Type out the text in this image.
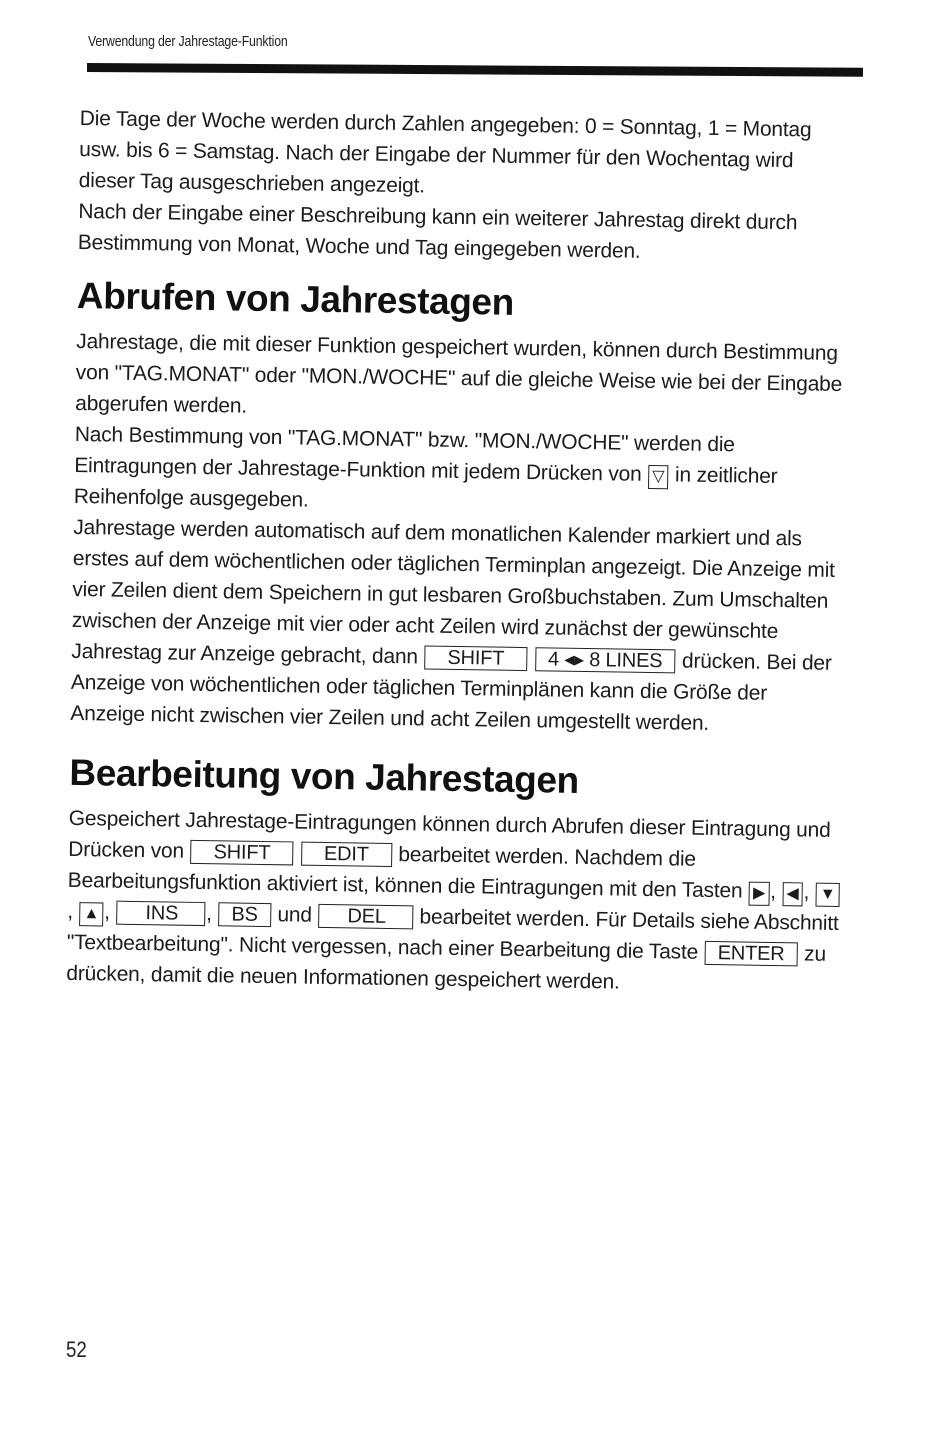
Verwendung der Jahrestage-Funktion

Die Tage der Woche werden durch Zahlen angegeben: 0 = Sonntag, 1 = Montag usw. bis 6 = Samstag. Nach der Eingabe der Nummer für den Wochentag wird dieser Tag ausgeschrieben angezeigt.

Nach der Eingabe einer Beschreibung kann ein weiterer Jahrestag direkt durch Bestimmung von Monat, Woche und Tag eingegeben werden.

Abrufen von Jahrestagen

Jahrestage, die mit dieser Funktion gespeichert wurden, können durch Bestimmung von "TAG.MONAT" oder "MON./WOCHE" auf die gleiche Weise wie bei der Eingabe abgerufen werden.

Nach Bestimmung von "TAG.MONAT" bzw. "MON./WOCHE" werden die Eintragungen der Jahrestage-Funktion mit jedem Drücken von ▽ in zeitlicher Reihenfolge ausgegeben.

Jahrestage werden automatisch auf dem monatlichen Kalender markiert und als erstes auf dem wöchentlichen oder täglichen Terminplan angezeigt. Die Anzeige mit vier Zeilen dient dem Speichern in gut lesbaren Großbuchstaben. Zum Umschalten zwischen der Anzeige mit vier oder acht Zeilen wird zunächst der gewünschte Jahrestag zur Anzeige gebracht, dann SHIFT 4 ◂▸ 8 LINES drücken. Bei der Anzeige von wöchentlichen oder täglichen Terminplänen kann die Größe der Anzeige nicht zwischen vier Zeilen und acht Zeilen umgestellt werden.

Bearbeitung von Jahrestagen

Gespeichert Jahrestage-Eintragungen können durch Abrufen dieser Eintragung und Drücken von SHIFT	EDIT bearbeitet werden. Nachdem die Bearbeitungsfunktion aktiviert ist, können die Eintragungen mit den Tasten ▶ , ◀ , ▼, ▲ , INS , BS und DEL bearbeitet werden. Für Details siehe Abschnitt "Textbearbeitung". Nicht vergessen, nach einer Bearbeitung die Taste ENTER zu drücken, damit die neuen Informationen gespeichert werden.

52
